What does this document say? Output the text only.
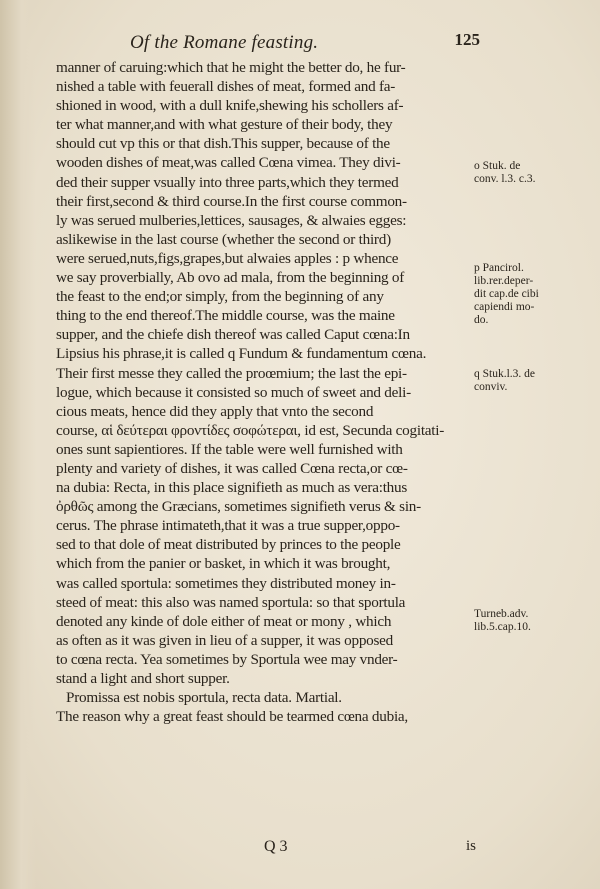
Of the Romane feasting.	125
manner of caruing:which that he might the better do, he fur-
nished a table with feuerall dishes of meat, formed and fa-
shioned in wood, with a dull knife,shewing his schollers af-
ter what manner,and with what gesture of their body, they
should cut vp this or that dish.This supper, because of the
wooden dishes of meat,was called Cœna vimea. They divi-
ded their supper vsually into three parts,which they termed
their first,second & third course.In the first course common-
ly was serued mulberies,lettices, sausages, & alwaies egges:
aslikewise in the last course (whether the second or third)
were serued,nuts,figs,grapes,but alwaies apples : p whence
we say proverbially, Ab ovo ad mala, from the beginning of
the feast to the end;or simply, from the beginning of any
thing to the end thereof.The middle course, was the maine
supper, and the chiefe dish thereof was called Caput cœna:In
Lipsius his phrase,it is called q Fundum & fundamentum cœna.
Their first messe they called the proœmium; the last the epi-
logue, which because it consisted so much of sweet and deli-
cious meats, hence did they apply that vnto the second
course, αἱ δεύτεραι φροντίδες σοφώτεραι, id est, Secunda cogitati-
ones sunt sapientiores. If the table were well furnished with
plenty and variety of dishes, it was called Cœna recta,or cœ-
na dubia: Recta, in this place signifieth as much as vera:thus
ὀρθῶς among the Græcians, sometimes signifieth verus & sin-
cerus. The phrase intimateth,that it was a true supper,oppo-
sed to that dole of meat distributed by princes to the people
which from the panier or basket, in which it was brought,
was called sportula: sometimes they distributed money in-
steed of meat: this also was named sportula: so that sportula
denoted any kinde of dole either of meat or mony , which
as often as it was given in lieu of a supper, it was opposed
to cœna recta. Yea sometimes by Sportula wee may vnder-
stand a light and short supper.
Promissa est nobis sportula, recta data. Martial.
The reason why a great feast should be tearmed cœna dubia,
o Stuk. de
conv. l.3. c.3.
p Pancirol.
lib.rer.deper-
dit cap.de cibi
capiendi mo-
do.
q Stuk.l.3. de
conviv.
Turneb.adv.
lib.5.cap.10.
Q 3	is
